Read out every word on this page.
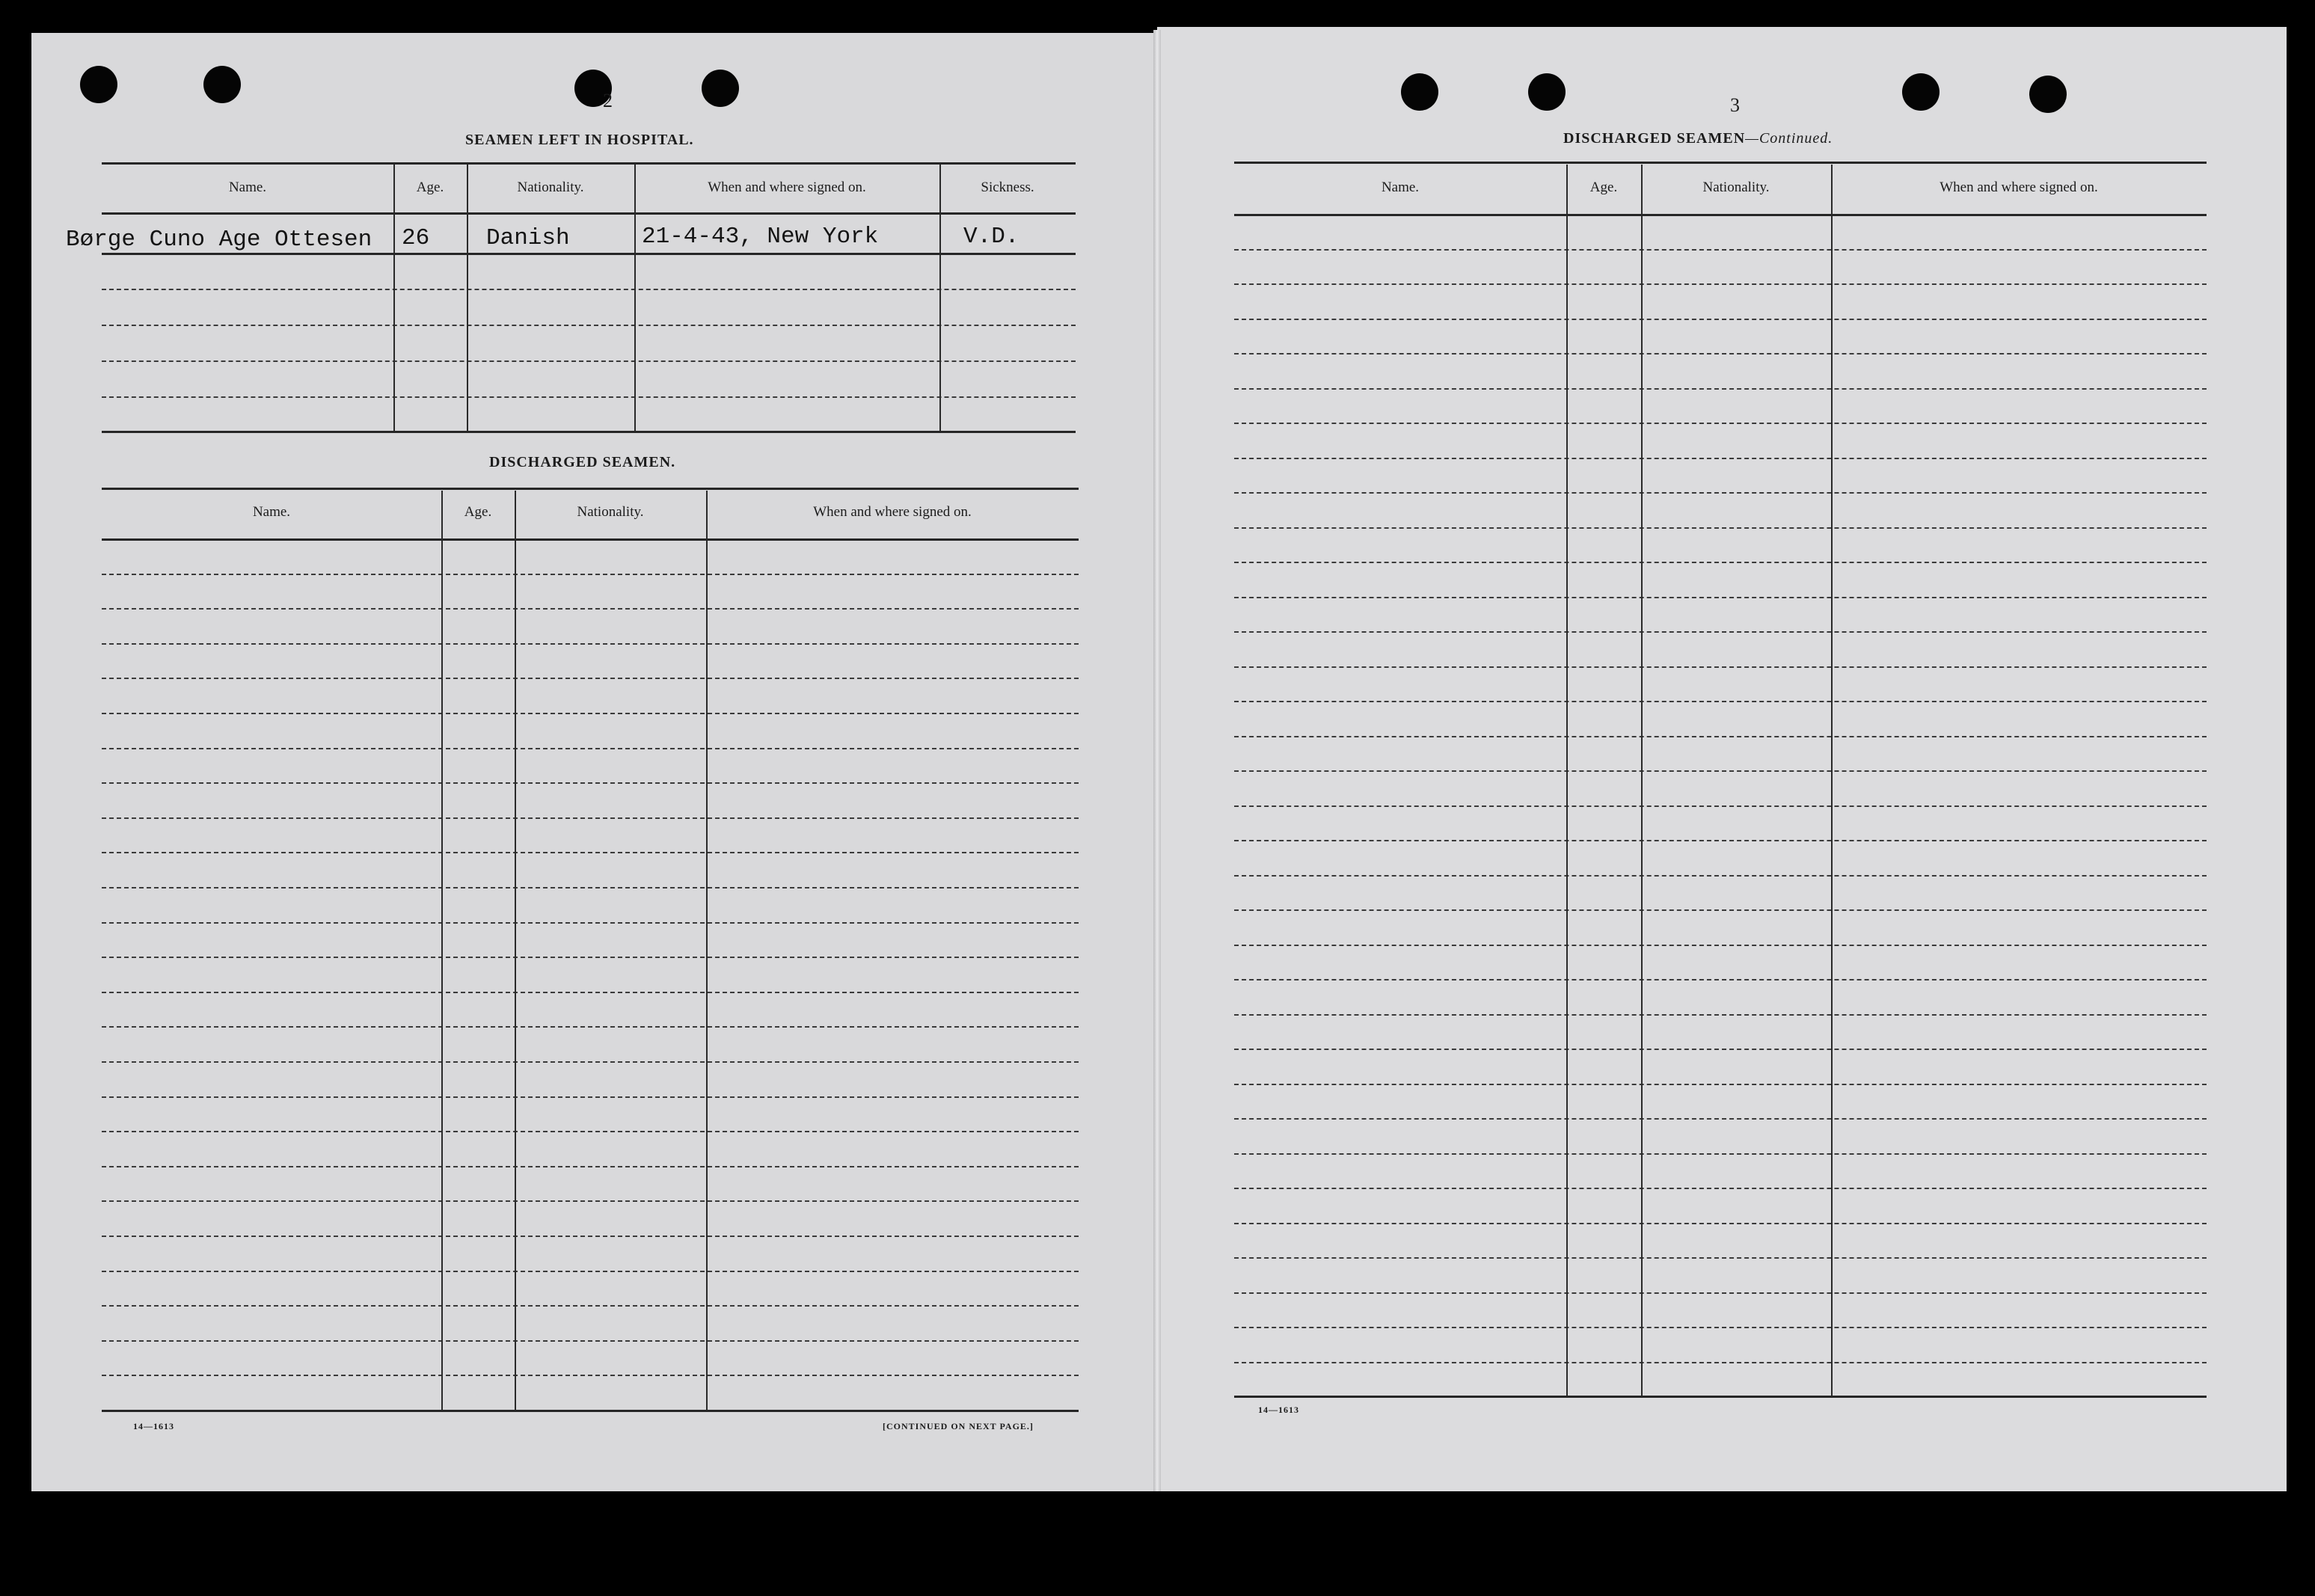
2
SEAMEN LEFT IN HOSPITAL.
Name.	Age.	Nationality.	When and where signed on.	Sickness.
Børge Cuno Age Ottesen 26 Danish	21-4-43, New York	V.D.
DISCHARGED SEAMEN.
Name.	Age.	Nationality.	When and where signed on.
14—1613	[CONTINUED ON NEXT PAGE.]
3
DISCHARGED SEAMEN—Continued.
Name.	Age.	Nationality.	When and where signed on.
14—1613
